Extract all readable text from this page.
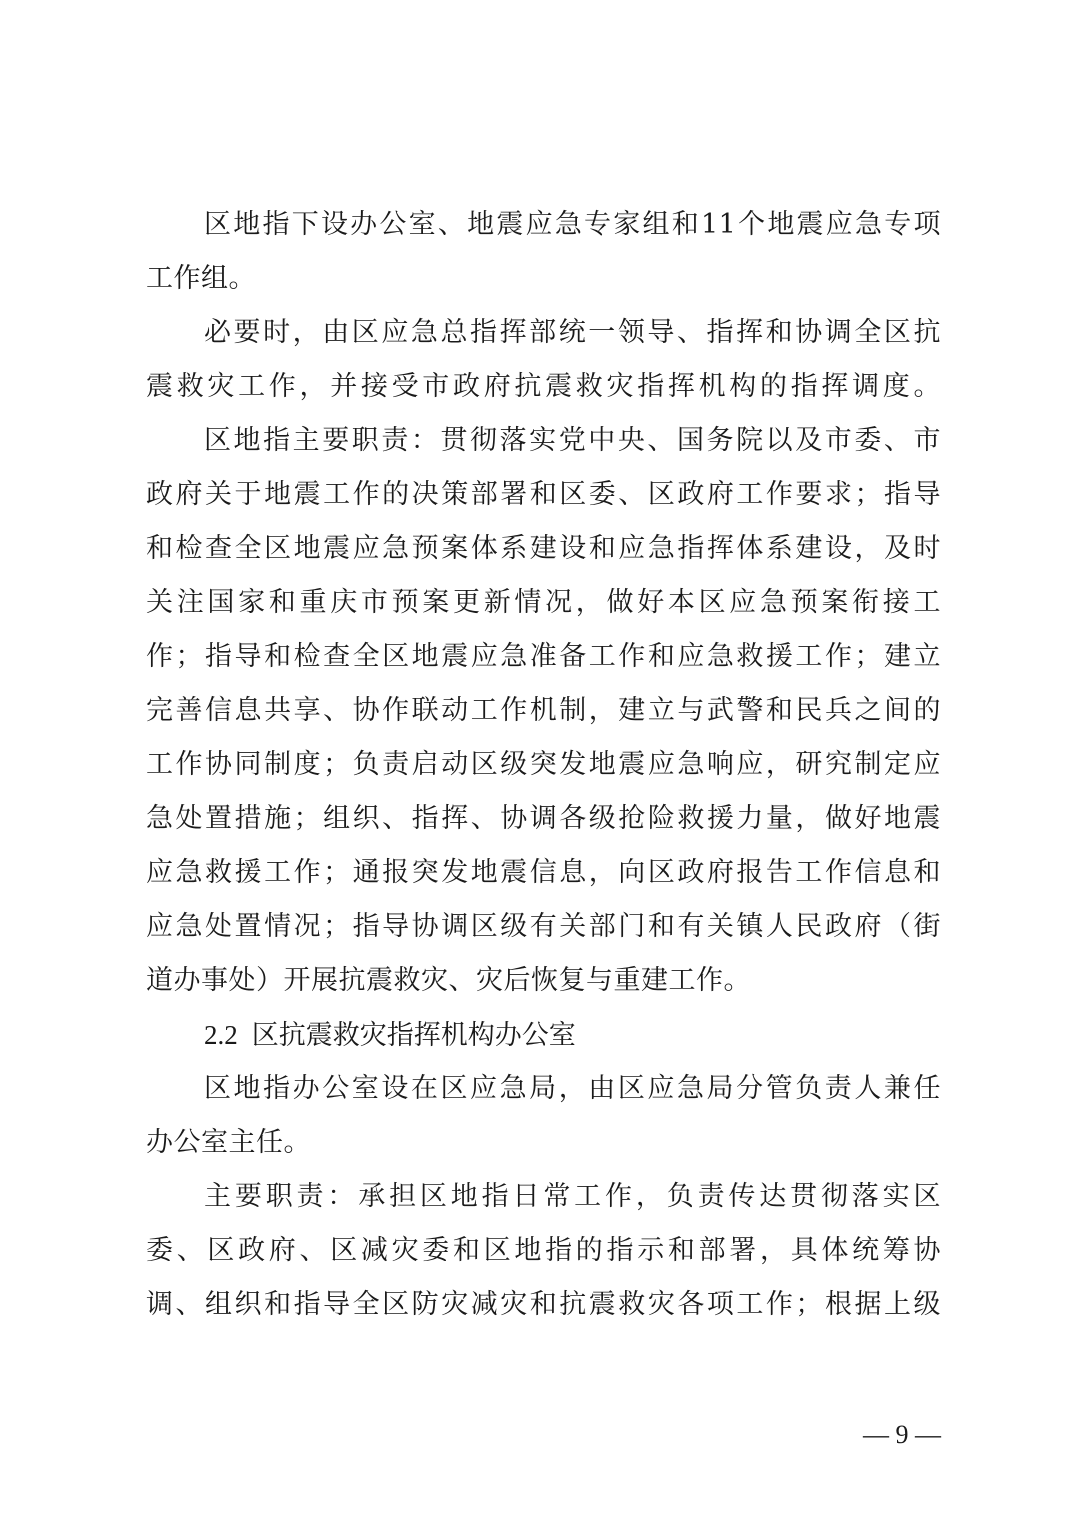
区地指下设办公室、地震应急专家组和11个地震应急专项
工作组。
必要时，由区应急总指挥部统一领导、指挥和协调全区抗
震救灾工作，并接受市政府抗震救灾指挥机构的指挥调度。
区地指主要职责：贯彻落实党中央、国务院以及市委、市
政府关于地震工作的决策部署和区委、区政府工作要求；指导
和检查全区地震应急预案体系建设和应急指挥体系建设，及时
关注国家和重庆市预案更新情况，做好本区应急预案衔接工
作；指导和检查全区地震应急准备工作和应急救援工作；建立
完善信息共享、协作联动工作机制，建立与武警和民兵之间的
工作协同制度；负责启动区级突发地震应急响应，研究制定应
急处置措施；组织、指挥、协调各级抢险救援力量，做好地震
应急救援工作；通报突发地震信息，向区政府报告工作信息和
应急处置情况；指导协调区级有关部门和有关镇人民政府（街
道办事处）开展抗震救灾、灾后恢复与重建工作。
2.2 区抗震救灾指挥机构办公室
区地指办公室设在区应急局，由区应急局分管负责人兼任
办公室主任。
主要职责：承担区地指日常工作，负责传达贯彻落实区
委、区政府、区减灾委和区地指的指示和部署，具体统筹协
调、组织和指导全区防灾减灾和抗震救灾各项工作；根据上级
— 9 —
